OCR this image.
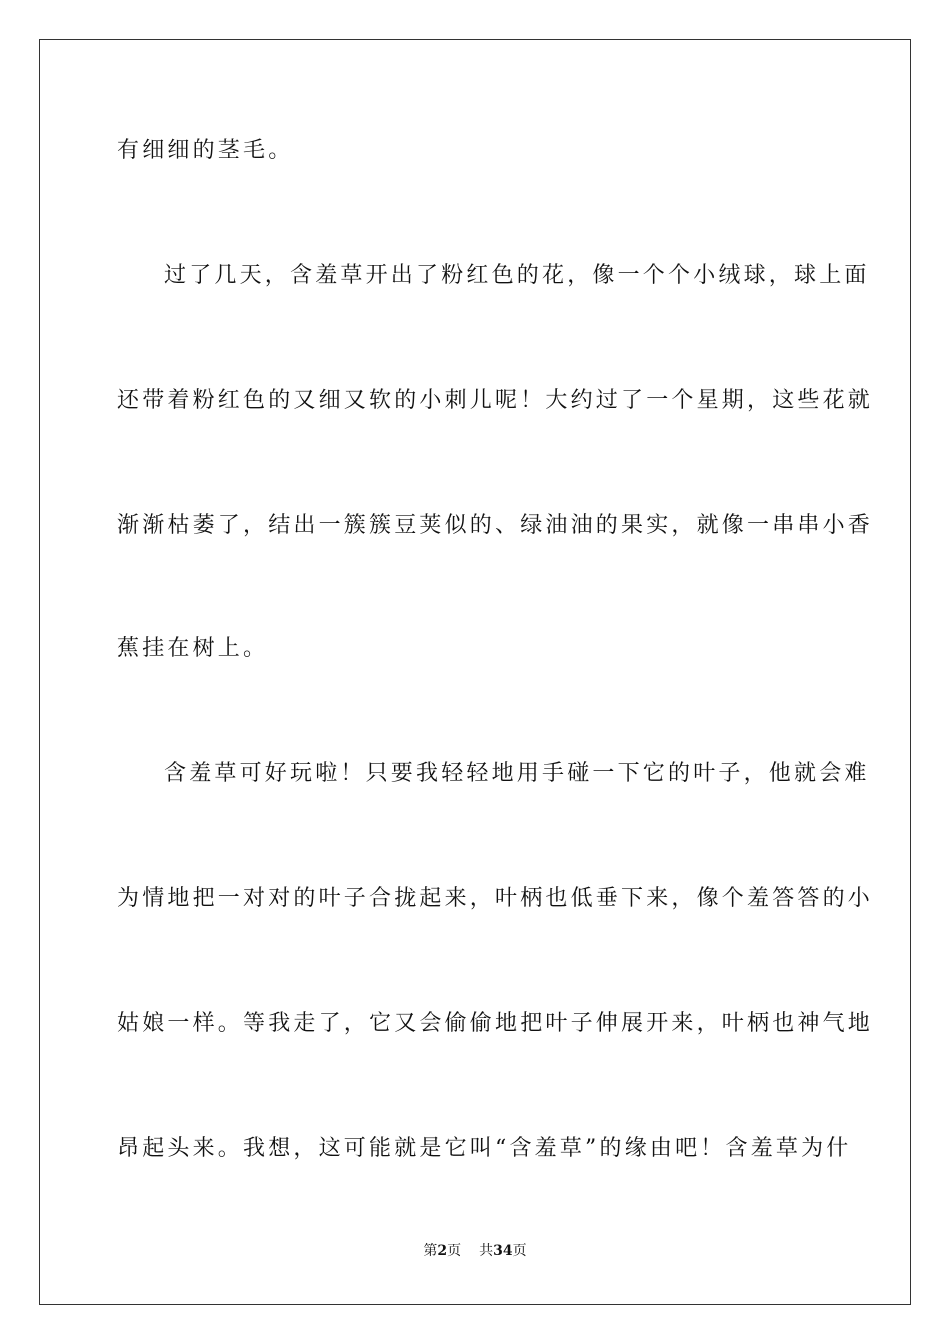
有细细的茎毛。
过了几天，含羞草开出了粉红色的花，像一个个小绒球，球上面
还带着粉红色的又细又软的小刺儿呢！大约过了一个星期，这些花就
渐渐枯萎了，结出一簇簇豆荚似的、绿油油的果实，就像一串串小香
蕉挂在树上。
含羞草可好玩啦！只要我轻轻地用手碰一下它的叶子，他就会难
为情地把一对对的叶子合拢起来，叶柄也低垂下来，像个羞答答的小
姑娘一样。等我走了，它又会偷偷地把叶子伸展开来，叶柄也神气地
昂起头来。我想，这可能就是它叫“含羞草”的缘由吧！含羞草为什
第2页 共34页
